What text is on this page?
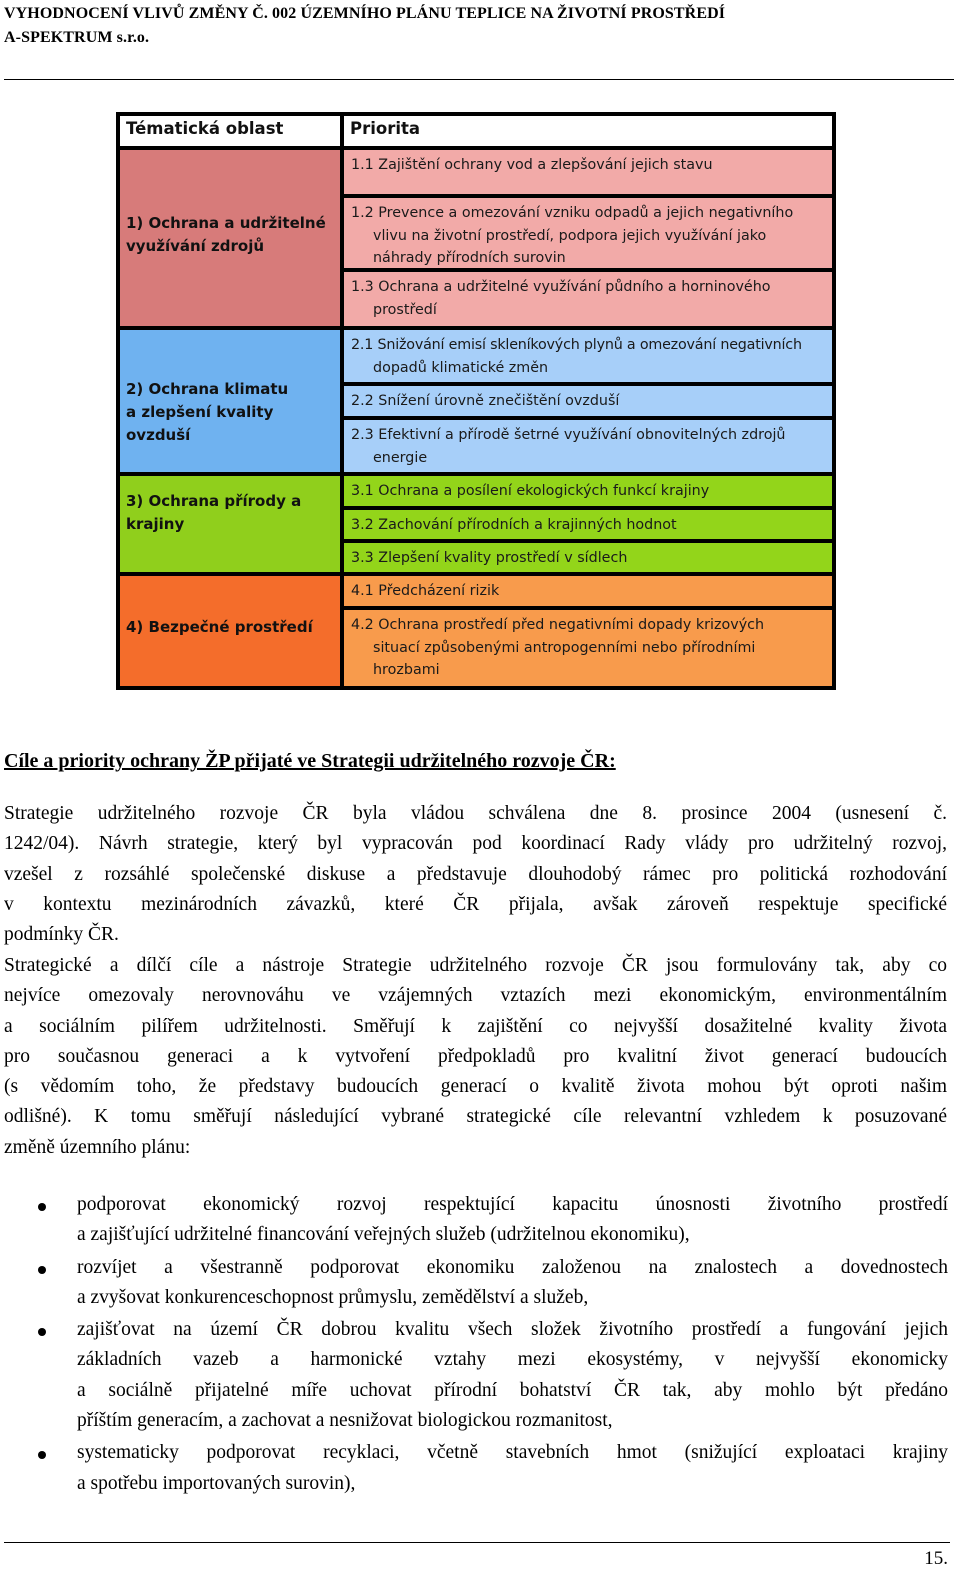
VYHODNOCENÍ VLIVŮ ZMĚNY Č. 002 ÚZEMNÍHO PLÁNU TEPLICE NA ŽIVOTNÍ PROSTŘEDÍ
A-SPEKTRUM s.r.o.
Tématická oblast	Priorita
1) Ochrana a udržitelné
využívání zdrojů
1.1 Zajištění ochrany vod a zlepšování jejich stavu
1.2 Prevence a omezování vzniku odpadů a jejich negativního
vlivu na životní prostředí, podpora jejich využívání jako
náhrady přírodních surovin
1.3 Ochrana a udržitelné využívání půdního a horninového
prostředí
2) Ochrana klimatu
a zlepšení kvality ovzduší
2.1 Snižování emisí skleníkových plynů a omezování negativních
dopadů klimatické změn
2.2 Snížení úrovně znečištění ovzduší
2.3 Efektivní a přírodě šetrné využívání obnovitelných zdrojů
energie
3) Ochrana přírody a
krajiny
3.1 Ochrana a posílení ekologických funkcí krajiny
3.2 Zachování přírodních a krajinných hodnot
3.3 Zlepšení kvality prostředí v sídlech
4) Bezpečné prostředí
4.1 Předcházení rizik
4.2 Ochrana prostředí před negativními dopady krizových
situací způsobenými antropogenními nebo přírodními
hrozbami
Cíle a priority ochrany ŽP přijaté ve Strategii udržitelného rozvoje ČR:
Strategie udržitelného rozvoje ČR byla vládou schválena dne 8. prosince 2004 (usnesení č.
1242/04). Návrh strategie, který byl vypracován pod koordinací Rady vlády pro udržitelný rozvoj,
vzešel z rozsáhlé společenské diskuse a představuje dlouhodobý rámec pro politická rozhodování
v kontextu mezinárodních závazků, které ČR přijala, avšak zároveň respektuje specifické
podmínky ČR.
Strategické a dílčí cíle a nástroje Strategie udržitelného rozvoje ČR jsou formulovány tak, aby co
nejvíce omezovaly nerovnováhu ve vzájemných vztazích mezi ekonomickým, environmentálním
a sociálním pilířem udržitelnosti. Směřují k zajištění co nejvyšší dosažitelné kvality života
pro současnou generaci a k vytvoření předpokladů pro kvalitní život generací budoucích
(s vědomím toho, že představy budoucích generací o kvalitě života mohou být oproti našim
odlišné). K tomu směřují následující vybrané strategické cíle relevantní vzhledem k posuzované
změně územního plánu:
podporovat ekonomický rozvoj respektující kapacitu únosnosti životního prostředí
a zajišťující udržitelné financování veřejných služeb (udržitelnou ekonomiku),
rozvíjet a všestranně podporovat ekonomiku založenou na znalostech a dovednostech
a zvyšovat konkurenceschopnost průmyslu, zemědělství a služeb,
zajišťovat na území ČR dobrou kvalitu všech složek životního prostředí a fungování jejich
základních vazeb a harmonické vztahy mezi ekosystémy, v nejvyšší ekonomicky
a sociálně přijatelné míře uchovat přírodní bohatství ČR tak, aby mohlo být předáno
příštím generacím, a zachovat a nesnižovat biologickou rozmanitost,
systematicky podporovat recyklaci, včetně stavebních hmot (snižující exploataci krajiny
a spotřebu importovaných surovin),
15.
